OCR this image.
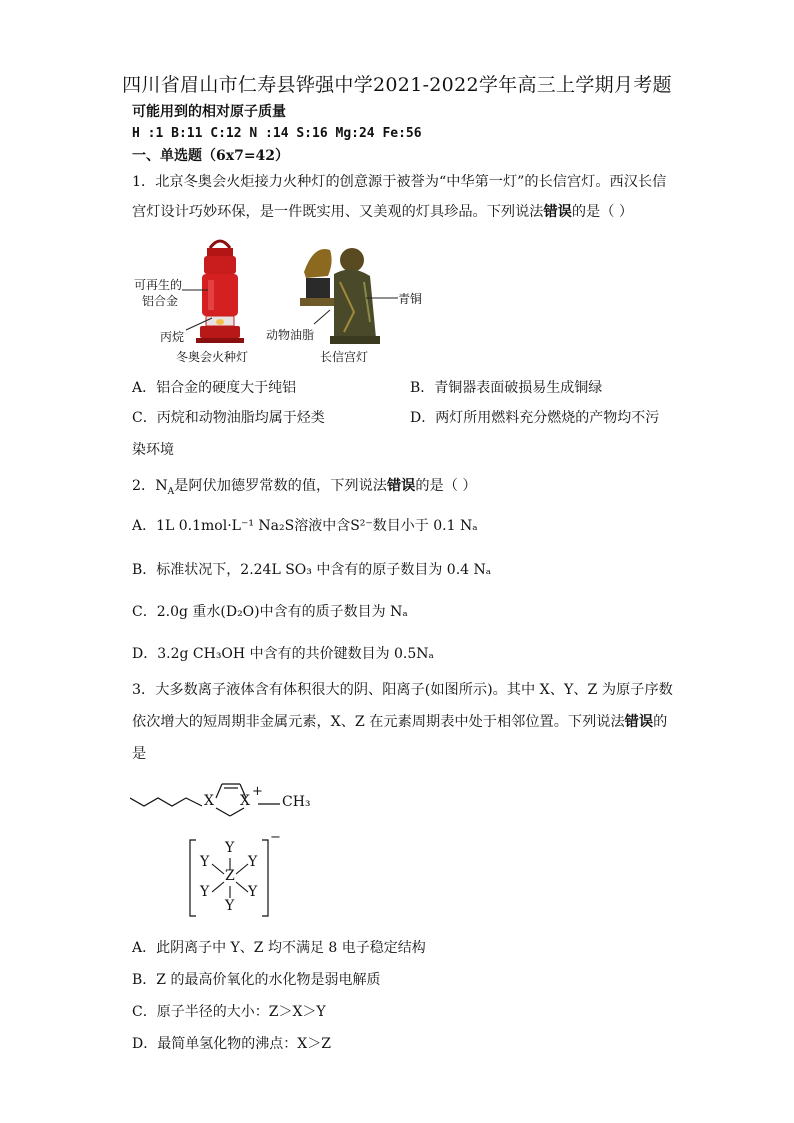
四川省眉山市仁寿县铧强中学2021-2022学年高三上学期月考题
可能用到的相对原子质量
H :1 B:11 C:12 N :14 S:16 Mg:24 Fe:56
一、单选题（6x7=42）
1．北京冬奥会火炬接力火种灯的创意源于被誉为“中华第一灯”的长信宫灯。西汉长信
宫灯设计巧妙环保，是一件既实用、又美观的灯具珍品。下列说法错误的是（ ）
可再生的
铝合金
丙烷
冬奥会火种灯
青铜
动物油脂
长信宫灯
A．铝合金的硬度大于纯铝	B．青铜器表面破损易生成铜绿
C．丙烷和动物油脂均属于烃类	D．两灯所用燃料充分燃烧的产物均不污
染环境
2．$N_A$是阿伏加德罗常数的值，下列说法错误的是（ ）
A．1L 0.1mol·L⁻¹ Na₂S溶液中含S²⁻数目小于 0.1 Nₐ
B．标准状况下，2.24L SO₃ 中含有的原子数目为 0.4 Nₐ
C．2.0g 重水(D₂O)中含有的质子数目为 Nₐ
D．3.2g CH₃OH 中含有的共价键数目为 0.5Nₐ
3．大多数离子液体含有体积很大的阴、阳离子(如图所示)。其中 X、Y、Z 为原子序数
依次增大的短周期非金属元素，X、Z 在元素周期表中处于相邻位置。下列说法错误的
是
X X
+
CH₃
Y
Y	Y
Z
Y	Y
Y
−
A．此阴离子中 Y、Z 均不满足 8 电子稳定结构
B．Z 的最高价氧化的水化物是弱电解质
C．原子半径的大小：Z＞X＞Y
D．最简单氢化物的沸点：X＞Z
